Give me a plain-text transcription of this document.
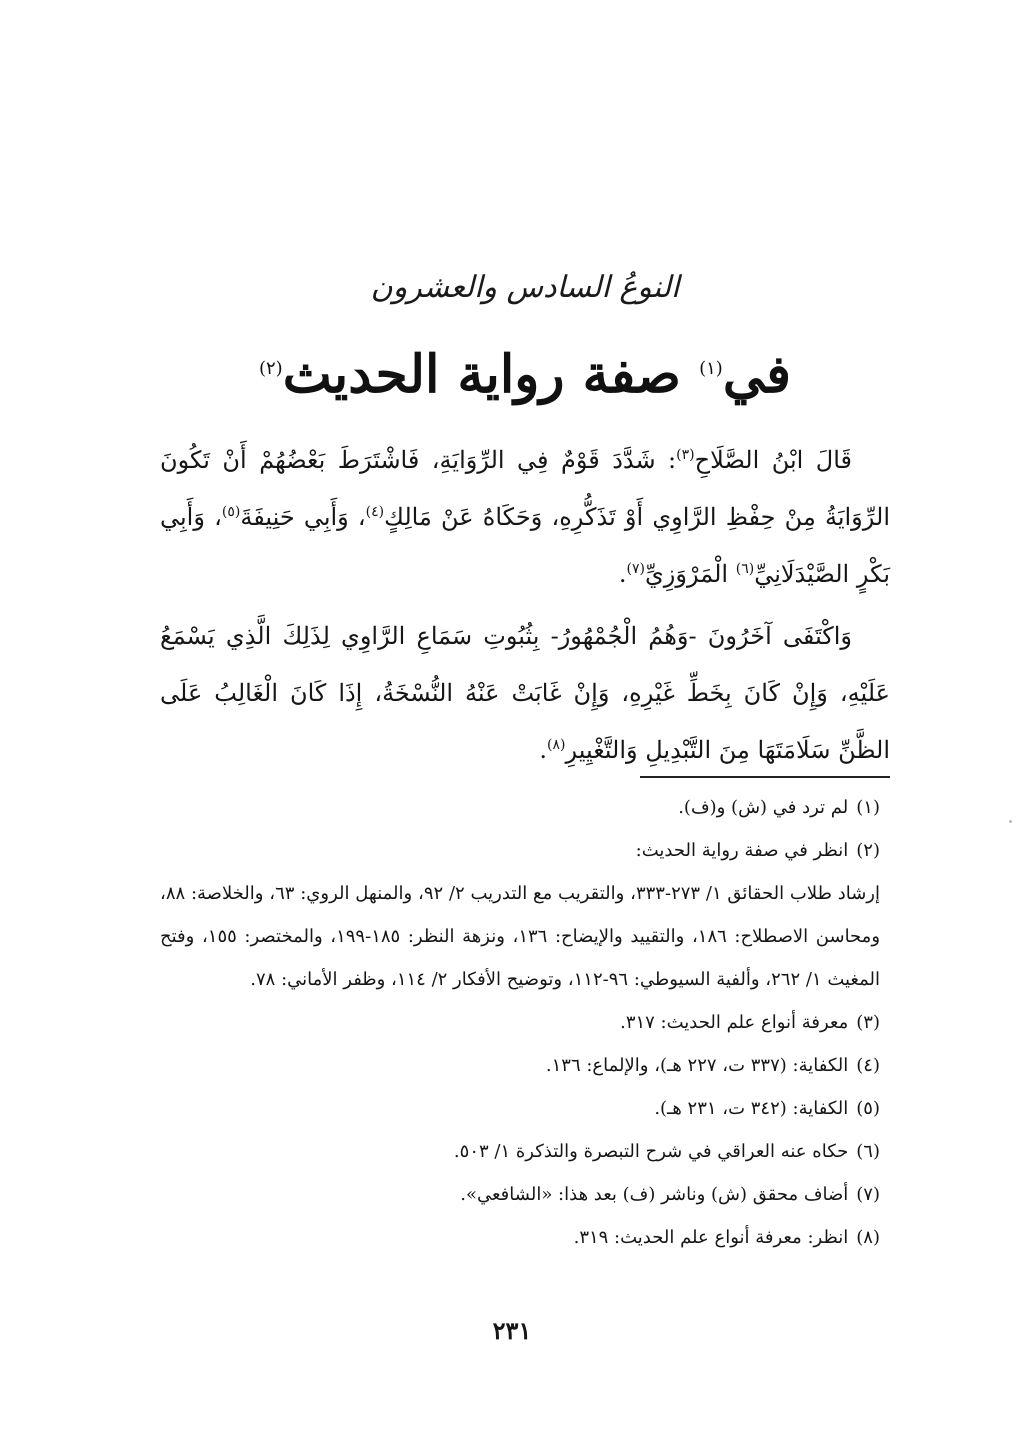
النوعُ السادس والعشرون
في$^{(١)}$ صفة رواية الحديث$^{(٢)}$

قَالَ ابْنُ الصَّلَاحِ$^{(٣)}$: شَدَّدَ قَوْمٌ فِي الرِّوَايَةِ، فَاشْتَرَطَ بَعْضُهُمْ أَنْ تَكُونَ الرِّوَايَةُ مِنْ حِفْظِ الرَّاوِي أَوْ تَذَكُّرِهِ، وَحَكَاهُ عَنْ مَالِكٍ$^{(٤)}$، وَأَبِي حَنِيفَةَ$^{(٥)}$، وَأَبِي بَكْرٍ الصَّيْدَلَانِيِّ$^{(٦)}$ الْمَرْوَزِيِّ$^{(٧)}$.

وَاكْتَفَى آخَرُونَ -وَهُمُ الْجُمْهُورُ- بِثُبُوتِ سَمَاعِ الرَّاوِي لِذَلِكَ الَّذِي يَسْمَعُ عَلَيْهِ، وَإِنْ كَانَ بِخَطِّ غَيْرِهِ، وَإِنْ غَابَتْ عَنْهُ النُّسْخَةُ، إِذَا كَانَ الْغَالِبُ عَلَى الظَّنِّ سَلَامَتَهَا مِنَ التَّبْدِيلِ وَالتَّغْيِيرِ$^{(٨)}$.

(١)لم ترد في (ش) و(ف).
(٢)انظر في صفة رواية الحديث:
إرشاد طلاب الحقائق ١/ ٢٧٣-٣٣٣، والتقريب مع التدريب ٢/ ٩٢، والمنهل الروي: ٦٣، والخلاصة: ٨٨، ومحاسن الاصطلاح: ١٨٦، والتقييد والإيضاح: ١٣٦، ونزهة النظر: ١٨٥-١٩٩، والمختصر: ١٥٥، وفتح المغيث ١/ ٢٦٢، وألفية السيوطي: ٩٦-١١٢، وتوضيح الأفكار ٢/ ١١٤، وظفر الأماني: ٧٨.
(٣)معرفة أنواع علم الحديث: ٣١٧.
(٤)الكفاية: (٣٣٧ ت، ٢٢٧ هـ)، والإلماع: ١٣٦.
(٥)الكفاية: (٣٤٢ ت، ٢٣١ هـ).
(٦)حكاه عنه العراقي في شرح التبصرة والتذكرة ١/ ٥٠٣.
(٧)أضاف محقق (ش) وناشر (ف) بعد هذا: «الشافعي».
(٨)انظر: معرفة أنواع علم الحديث: ٣١٩.
٢٣١
